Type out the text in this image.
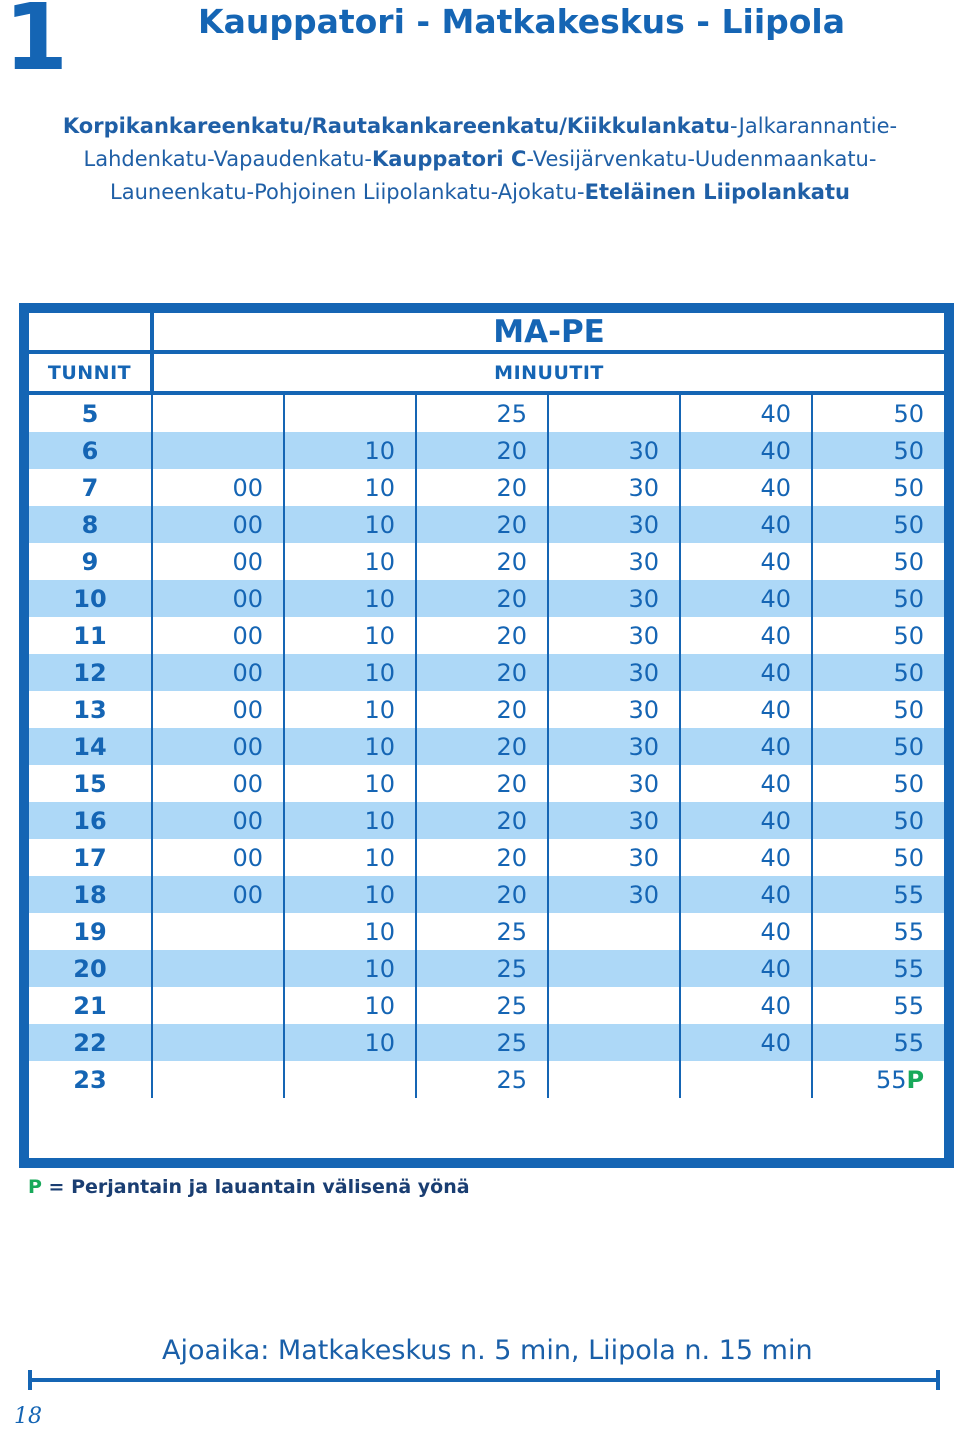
1	Kauppatori - Matkakeskus - Liipola
Korpikankareenkatu/Rautakankareenkatu/Kiikkulankatu-Jalkarannantie-Lahdenkatu-Vapaudenkatu-Kauppatori C-Vesijärvenkatu-Uudenmaankatu-Launeenkatu-Pohjoinen Liipolankatu-Ajokatu-Eteläinen Liipolankatu
	MA-PE					
TUNNIT	MINUUTIT					
5			25		40	50
6		10	20	30	40	50
7	00	10	20	30	40	50
8	00	10	20	30	40	50
9	00	10	20	30	40	50
10	00	10	20	30	40	50
11	00	10	20	30	40	50
12	00	10	20	30	40	50
13	00	10	20	30	40	50
14	00	10	20	30	40	50
15	00	10	20	30	40	50
16	00	10	20	30	40	50
17	00	10	20	30	40	50
18	00	10	20	30	40	55
19		10	25		40	55
20		10	25		40	55
21		10	25		40	55
22		10	25		40	55
23			25			55P
P = Perjantain ja lauantain välisenä yönä
Ajoaika: Matkakeskus n. 5 min, Liipola n. 15 min
18
